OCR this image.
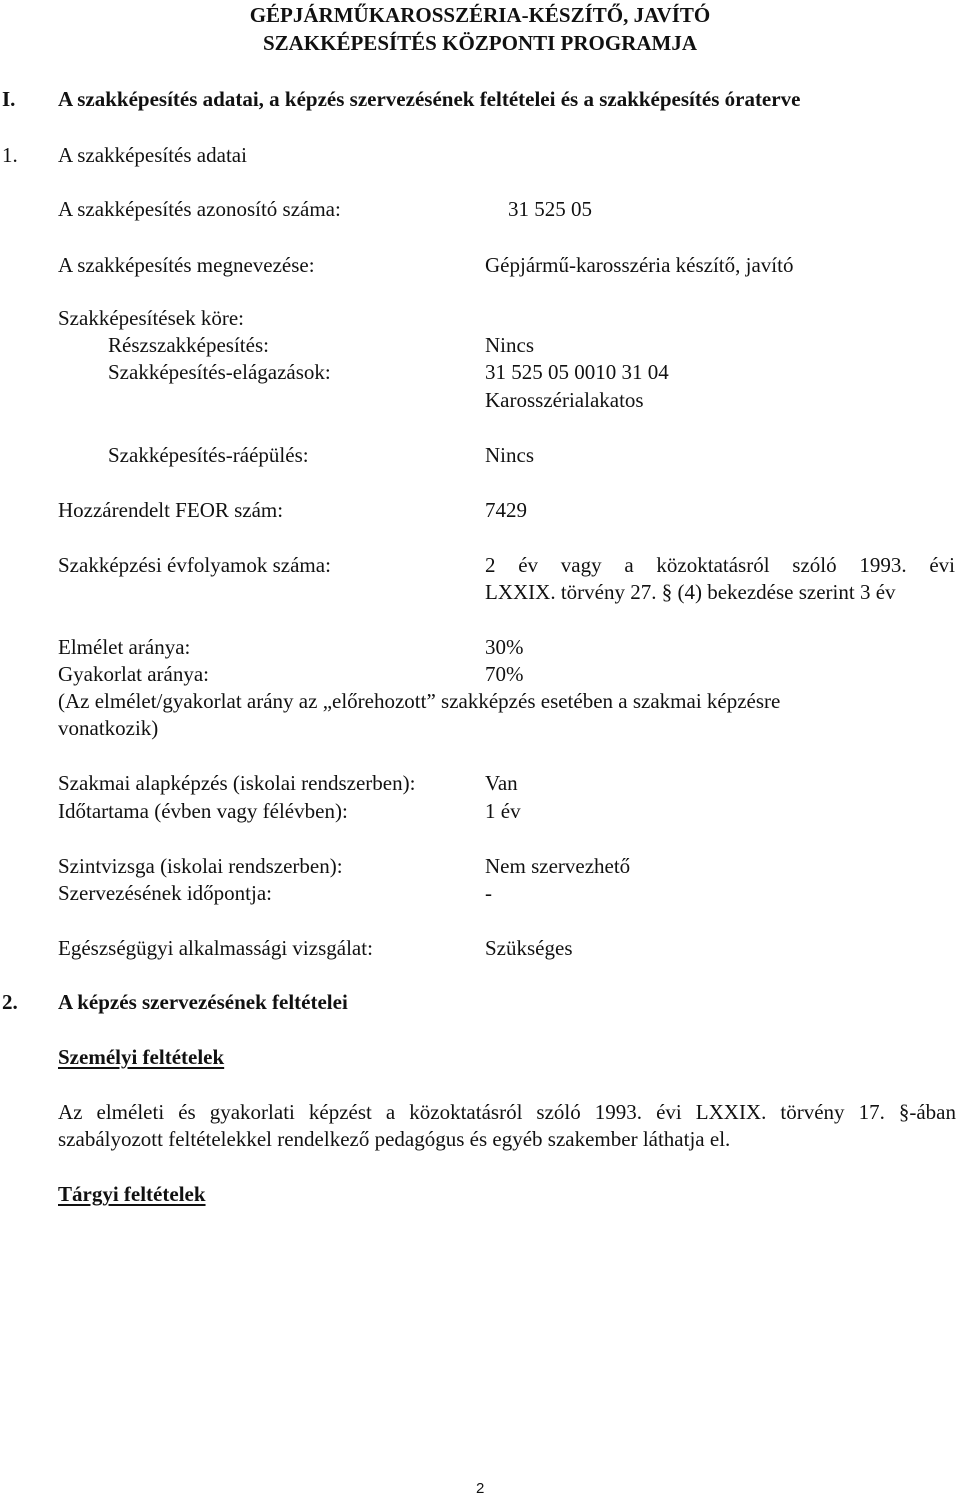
GÉPJÁRMŰKAROSSZÉRIA-KÉSZÍTŐ, JAVÍTÓ
SZAKKÉPESÍTÉS KÖZPONTI PROGRAMJA
I. A szakképesítés adatai, a képzés szervezésének feltételei és a szakképesítés óraterve
1. A szakképesítés adatai
A szakképesítés azonosító száma:	31 525 05
A szakképesítés megnevezése:	Gépjármű-karosszéria készítő, javító
Szakképesítések köre:
Részszakképesítés:	Nincs
Szakképesítés-elágazások:	31 525 05 0010 31 04
Karosszérialakatos
Szakképesítés-ráépülés:	Nincs
Hozzárendelt FEOR szám:	7429
Szakképzési évfolyamok száma:	2 év vagy a közoktatásról szóló 1993. évi
LXXIX. törvény 27. § (4) bekezdése szerint 3 év
Elmélet aránya:	30%
Gyakorlat aránya:	70%
(Az elmélet/gyakorlat arány az „előrehozott” szakképzés esetében a szakmai képzésre
vonatkozik)
Szakmai alapképzés (iskolai rendszerben):	Van
Időtartama (évben vagy félévben):	1 év
Szintvizsga (iskolai rendszerben):	Nem szervezhető
Szervezésének időpontja:	-
Egészségügyi alkalmassági vizsgálat:	Szükséges
2. A képzés szervezésének feltételei
Személyi feltételek
Az elméleti és gyakorlati képzést a közoktatásról szóló 1993. évi LXXIX. törvény 17. §-ában
szabályozott feltételekkel rendelkező pedagógus és egyéb szakember láthatja el.
Tárgyi feltételek
2
